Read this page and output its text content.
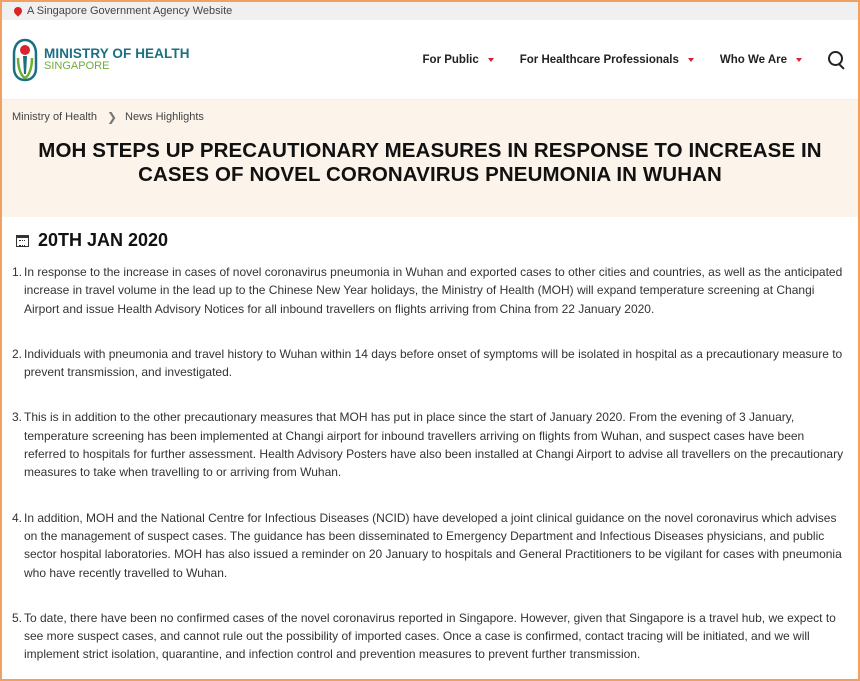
A Singapore Government Agency Website
MINISTRY OF HEALTH
SINGAPORE
For Public	For Healthcare Professionals	Who We Are
Ministry of Health ❯ News Highlights
MOH STEPS UP PRECAUTIONARY MEASURES IN RESPONSE TO INCREASE IN CASES OF NOVEL CORONAVIRUS PNEUMONIA IN WUHAN
20TH JAN 2020
1. In response to the increase in cases of novel coronavirus pneumonia in Wuhan and exported cases to other cities and countries, as well as the anticipated increase in travel volume in the lead up to the Chinese New Year holidays, the Ministry of Health (MOH) will expand temperature screening at Changi Airport and issue Health Advisory Notices for all inbound travellers on flights arriving from China from 22 January 2020.
2. Individuals with pneumonia and travel history to Wuhan within 14 days before onset of symptoms will be isolated in hospital as a precautionary measure to prevent transmission, and investigated.
3. This is in addition to the other precautionary measures that MOH has put in place since the start of January 2020. From the evening of 3 January, temperature screening has been implemented at Changi airport for inbound travellers arriving on flights from Wuhan, and suspect cases have been referred to hospitals for further assessment. Health Advisory Posters have also been installed at Changi Airport to advise all travellers on the precautionary measures to take when travelling to or arriving from Wuhan.
4. In addition, MOH and the National Centre for Infectious Diseases (NCID) have developed a joint clinical guidance on the novel coronavirus which advises on the management of suspect cases. The guidance has been disseminated to Emergency Department and Infectious Diseases physicians, and public sector hospital laboratories. MOH has also issued a reminder on 20 January to hospitals and General Practitioners to be vigilant for cases with pneumonia who have recently travelled to Wuhan.
5. To date, there have been no confirmed cases of the novel coronavirus reported in Singapore. However, given that Singapore is a travel hub, we expect to see more suspect cases, and cannot rule out the possibility of imported cases. Once a case is confirmed, contact tracing will be initiated, and we will implement strict isolation, quarantine, and infection control and prevention measures to prevent further transmission.
